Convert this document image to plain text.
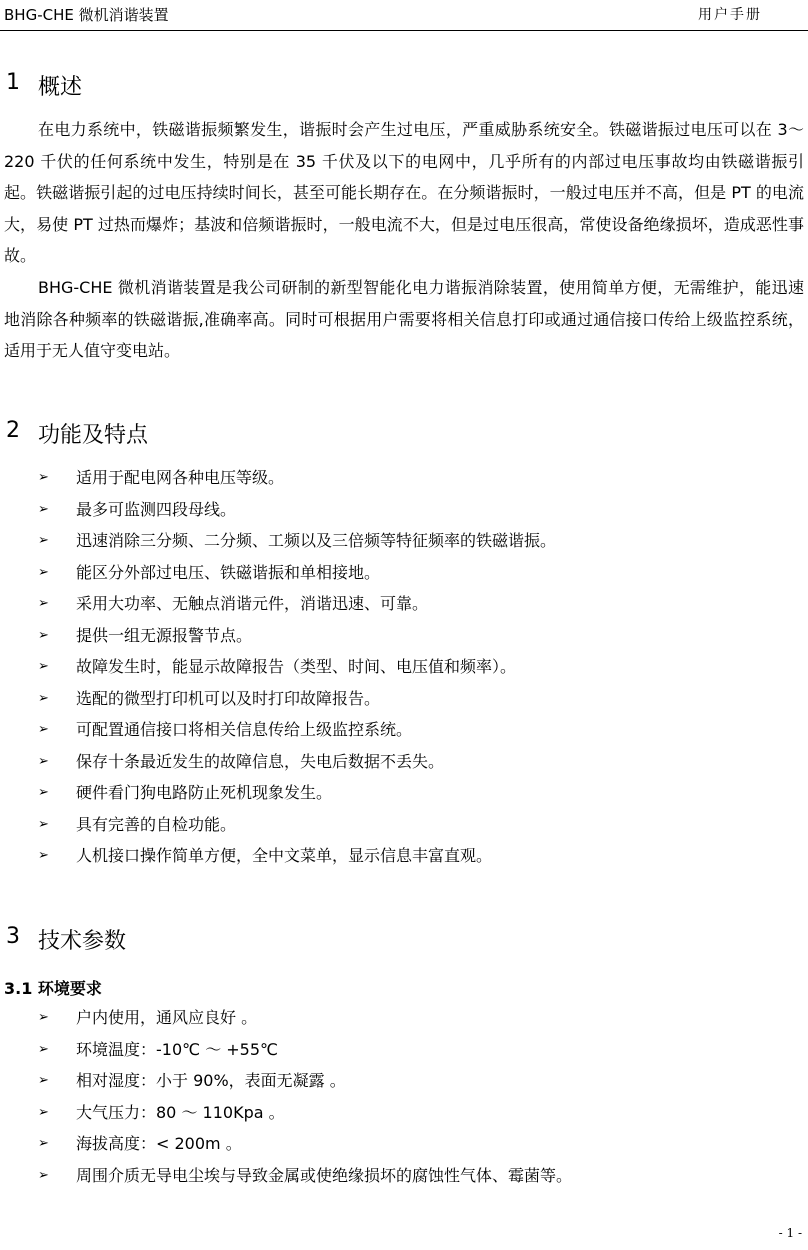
BHG-CHE 微机消谐装置	用户手册
1 概述

在电力系统中，铁磁谐振频繁发生，谐振时会产生过电压，严重威胁系统安全。铁磁谐振过电压可以在 3～220 千伏的任何系统中发生，特别是在 35 千伏及以下的电网中，几乎所有的内部过电压事故均由铁磁谐振引起。铁磁谐振引起的过电压持续时间长，甚至可能长期存在。在分频谐振时，一般过电压并不高，但是 PT 的电流大，易使 PT 过热而爆炸；基波和倍频谐振时，一般电流不大，但是过电压很高，常使设备绝缘损坏，造成恶性事故。

BHG-CHE 微机消谐装置是我公司研制的新型智能化电力谐振消除装置，使用简单方便，无需维护，能迅速地消除各种频率的铁磁谐振,准确率高。同时可根据用户需要将相关信息打印或通过通信接口传给上级监控系统，适用于无人值守变电站。

2 功能及特点
➢	适用于配电网各种电压等级。
➢	最多可监测四段母线。
➢	迅速消除三分频、二分频、工频以及三倍频等特征频率的铁磁谐振。
➢	能区分外部过电压、铁磁谐振和单相接地。
➢	采用大功率、无触点消谐元件，消谐迅速、可靠。
➢	提供一组无源报警节点。
➢	故障发生时，能显示故障报告（类型、时间、电压值和频率）。
➢	选配的微型打印机可以及时打印故障报告。
➢	可配置通信接口将相关信息传给上级监控系统。
➢	保存十条最近发生的故障信息，失电后数据不丢失。
➢	硬件看门狗电路防止死机现象发生。
➢	具有完善的自检功能。
➢	人机接口操作简单方便，全中文菜单，显示信息丰富直观。
3 技术参数
3.1 环境要求
➢	户内使用，通风应良好 。
➢	环境温度：-10℃ ～ +55℃
➢	相对湿度：小于 90%，表面无凝露 。
➢	大气压力：80 ～ 110Kpa 。
➢	海拔高度：< 200m 。
➢	周围介质无导电尘埃与导致金属或使绝缘损坏的腐蚀性气体、霉菌等。
- 1 -
